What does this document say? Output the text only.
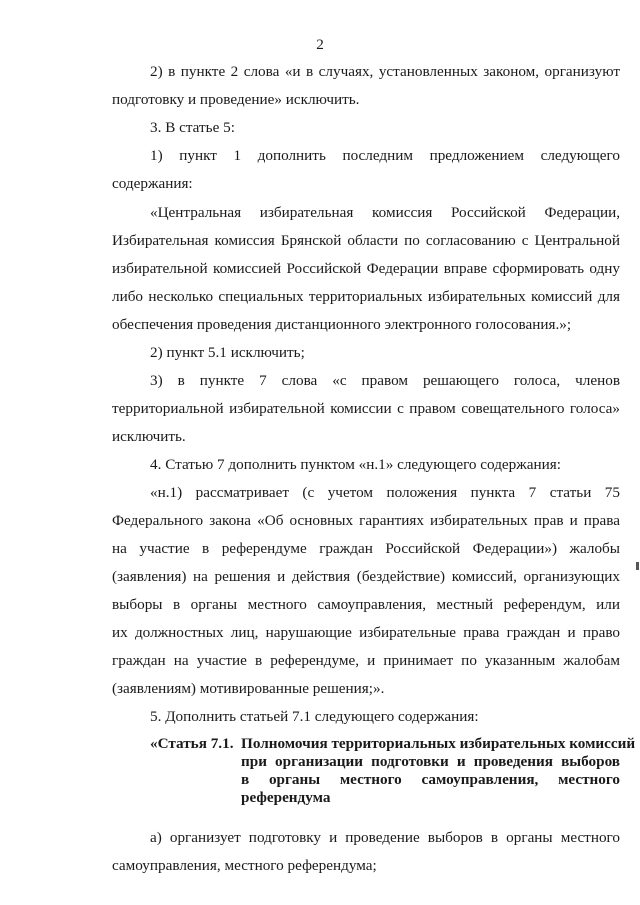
2
2) в пункте 2 слова «и в случаях, установленных законом, организуют
подготовку и проведение» исключить.
3. В статье 5:
1) пункт 1 дополнить последним предложением следующего
содержания:
«Центральная избирательная комиссия Российской Федерации,
Избирательная комиссия Брянской области по согласованию с Центральной
избирательной комиссией Российской Федерации вправе сформировать одну
либо несколько специальных территориальных избирательных комиссий для
обеспечения проведения дистанционного электронного голосования.»;
2) пункт 5.1 исключить;
3) в пункте 7 слова «с правом решающего голоса, членов
территориальной избирательной комиссии с правом совещательного голоса»
исключить.
4. Статью 7 дополнить пунктом «н.1» следующего содержания:
«н.1) рассматривает (с учетом положения пункта 7 статьи 75
Федерального закона «Об основных гарантиях избирательных прав и права
на участие в референдуме граждан Российской Федерации») жалобы
(заявления) на решения и действия (бездействие) комиссий, организующих
выборы в органы местного самоуправления, местный референдум, или
их должностных лиц, нарушающие избирательные права граждан и право
граждан на участие в референдуме, и принимает по указанным жалобам
(заявлениям) мотивированные решения;».
5. Дополнить статьей 7.1 следующего содержания:
«Статья 7.1. Полномочия территориальных избирательных комиссий
при организации подготовки и проведения выборов
в органы местного самоуправления, местного
референдума
а) организует подготовку и проведение выборов в органы местного
самоуправления, местного референдума;
